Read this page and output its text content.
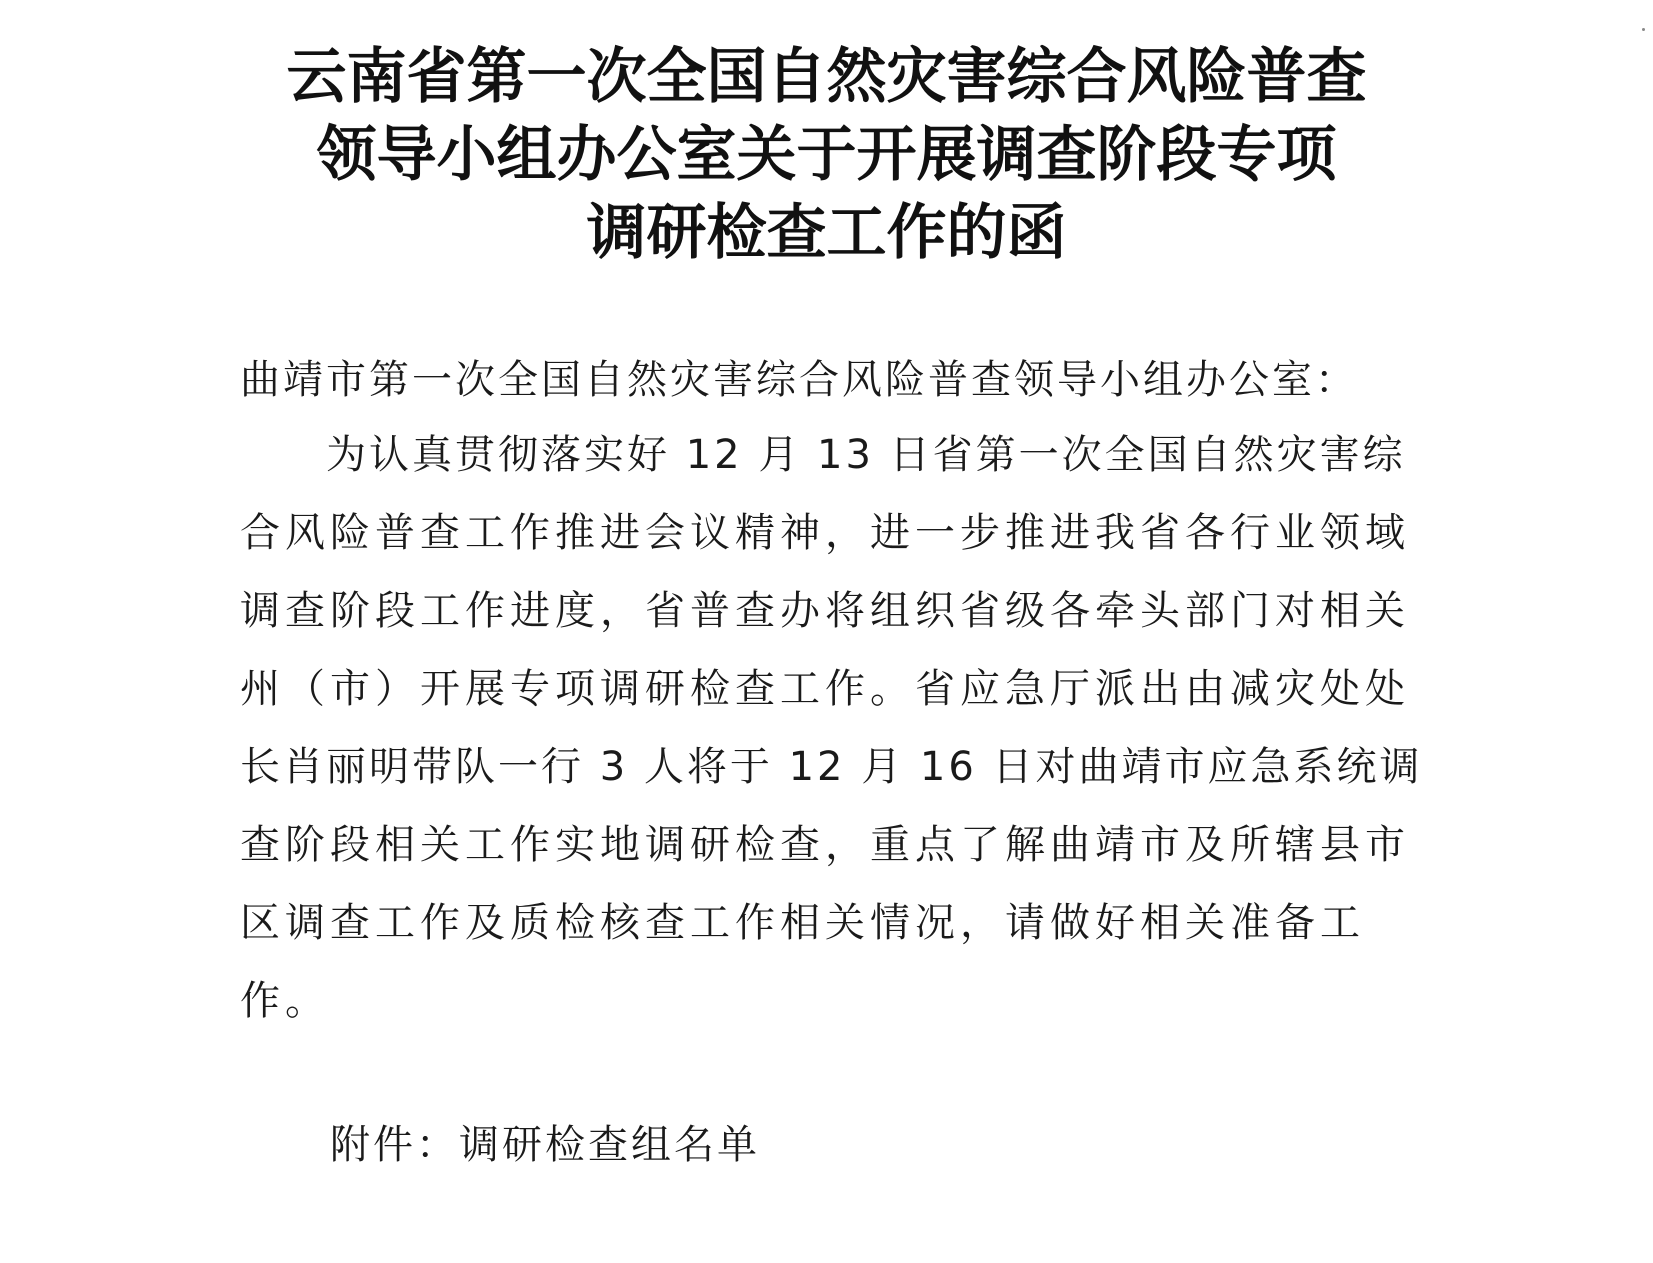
云南省第一次全国自然灾害综合风险普查
领导小组办公室关于开展调查阶段专项
调研检查工作的函
曲靖市第一次全国自然灾害综合风险普查领导小组办公室：
　　为认真贯彻落实好 12 月 13 日省第一次全国自然灾害综
合风险普查工作推进会议精神，进一步推进我省各行业领域
调查阶段工作进度，省普查办将组织省级各牵头部门对相关
州（市）开展专项调研检查工作。省应急厅派出由减灾处处
长肖丽明带队一行 3 人将于 12 月 16 日对曲靖市应急系统调
查阶段相关工作实地调研检查，重点了解曲靖市及所辖县市
区调查工作及质检核查工作相关情况，请做好相关准备工
作。
附件：调研检查组名单
